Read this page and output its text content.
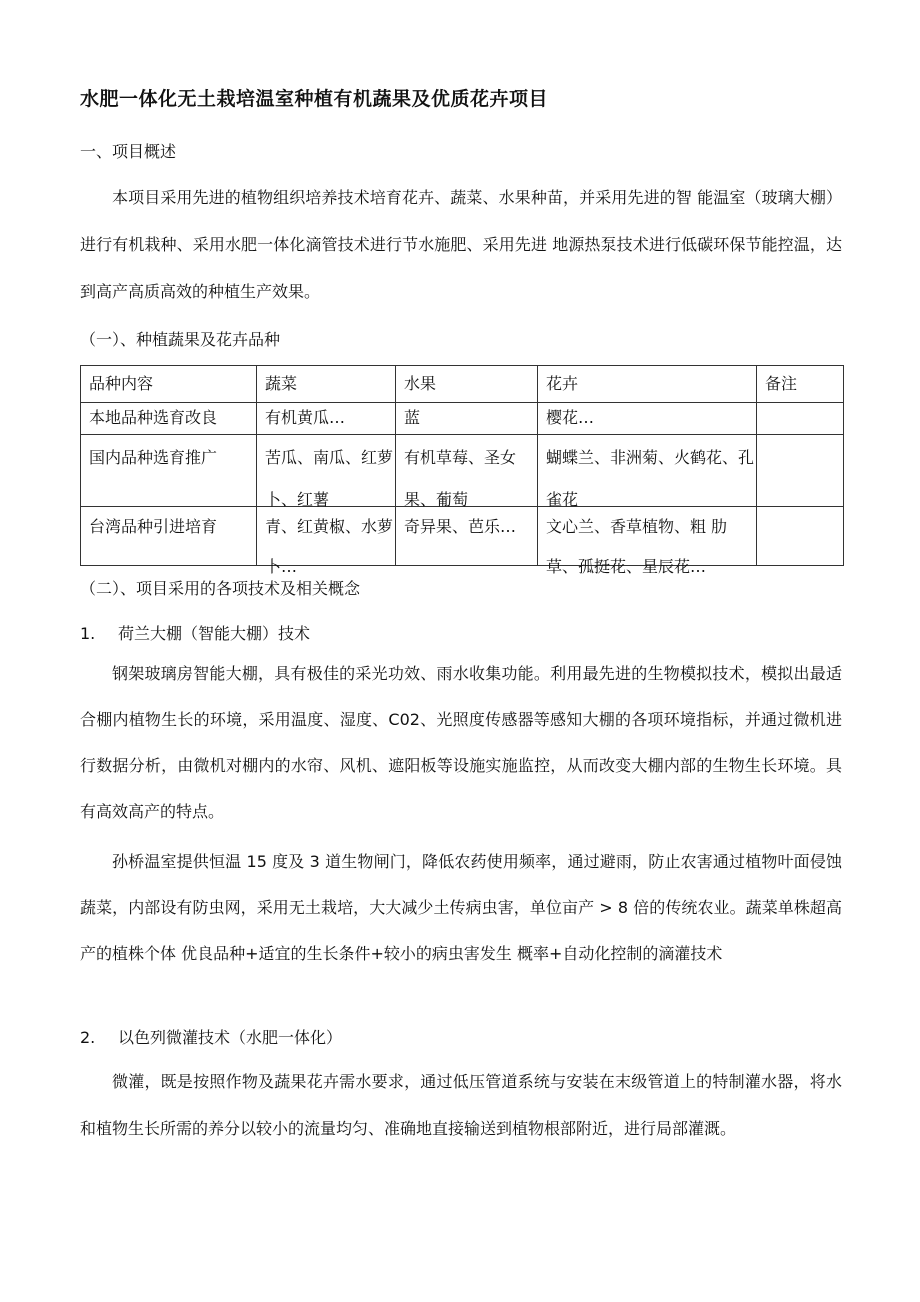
水肥一体化无土栽培温室种植有机蔬果及优质花卉项目
一、项目概述
本项目采用先进的植物组织培养技术培育花卉、蔬菜、水果种苗，并采用先进的智 能温室（玻璃大棚）进行有机栽种、采用水肥一体化滴管技术进行节水施肥、采用先进 地源热泵技术进行低碳环保节能控温，达到高产高质高效的种植生产效果。
（一）、种植蔬果及花卉品种
品种内容	蔬菜	水果	花卉	备注
本地品种选育改良	有机黄瓜…	蓝	樱花…	

国内品种选育推广	苦瓜、南瓜、红萝卜、红薯	有机草莓、圣女果、葡萄	蝴蝶兰、非洲菊、火鹤花、孔雀花	

台湾品种引进培育	青、红黄椒、水萝卜…	奇异果、芭乐…	文心兰、香草植物、粗 肋草、孤挺花、星辰花…	

（二）、项目采用的各项技术及相关概念
1. 荷兰大棚（智能大棚）技术
钢架玻璃房智能大棚，具有极佳的采光功效、雨水收集功能。利用最先进的生物模拟技术，模拟出最适合棚内植物生长的环境，采用温度、湿度、C02、光照度传感器等感知大棚的各项环境指标，并通过微机进行数据分析，由微机对棚内的水帘、风机、遮阳板等设施实施监控，从而改变大棚内部的生物生长环境。具有高效高产的特点。
孙桥温室提供恒温 15 度及 3 道生物闸门，降低农药使用频率，通过避雨，防止农害通过植物叶面侵蚀蔬菜，内部设有防虫网，采用无土栽培，大大减少土传病虫害，单位亩产 > 8 倍的传统农业。蔬菜单株超高产的植株个体 优良品种+适宜的生长条件+较小的病虫害发生 概率+自动化控制的滴灌技术
2. 以色列微灌技术（水肥一体化）
微灌，既是按照作物及蔬果花卉需水要求，通过低压管道系统与安装在末级管道上的特制灌水器，将水和植物生长所需的养分以较小的流量均匀、准确地直接输送到植物根部附近，进行局部灌溉。
